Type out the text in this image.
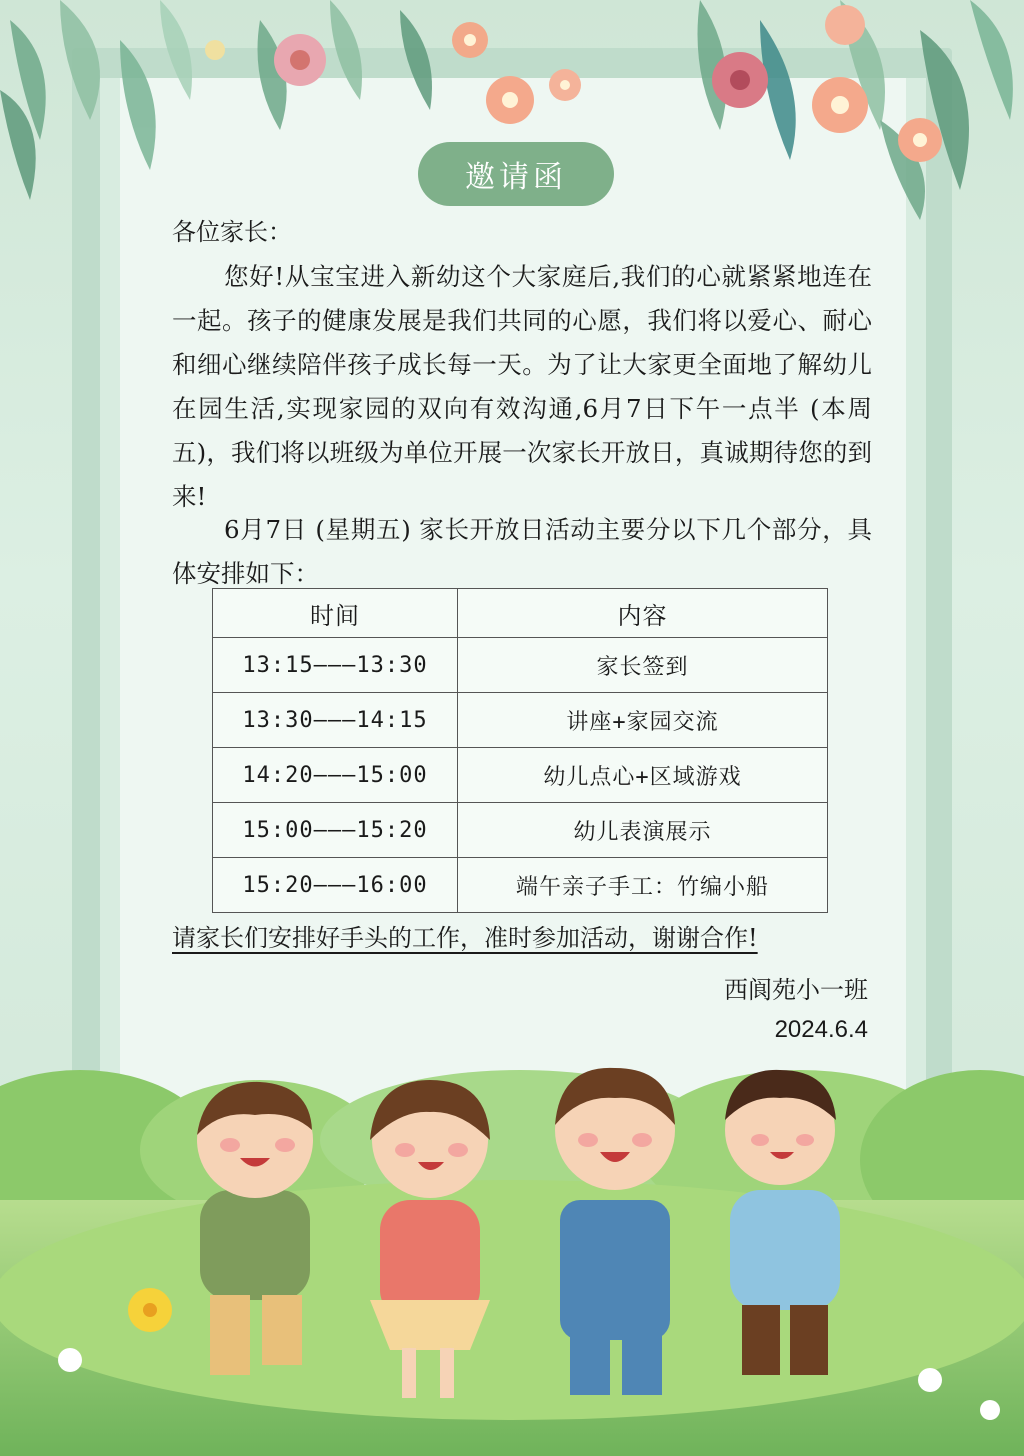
邀请函
各位家长：
您好!从宝宝进入新幼这个大家庭后,我们的心就紧紧地连在一起。孩子的健康发展是我们共同的心愿，我们将以爱心、耐心和细心继续陪伴孩子成长每一天。为了让大家更全面地了解幼儿在园生活,实现家园的双向有效沟通,6月7日下午一点半 (本周五)，我们将以班级为单位开展一次家长开放日，真诚期待您的到来!
6月7日 (星期五) 家长开放日活动主要分以下几个部分，具体安排如下：
时间	内容
13:15———13:30	家长签到
13:30———14:15	讲座+家园交流
14:20———15:00	幼儿点心+区域游戏
15:00———15:20	幼儿表演展示
15:20———16:00	端午亲子手工：竹编小船
请家长们安排好手头的工作，准时参加活动，谢谢合作!
西阆苑小一班
2024.6.4
